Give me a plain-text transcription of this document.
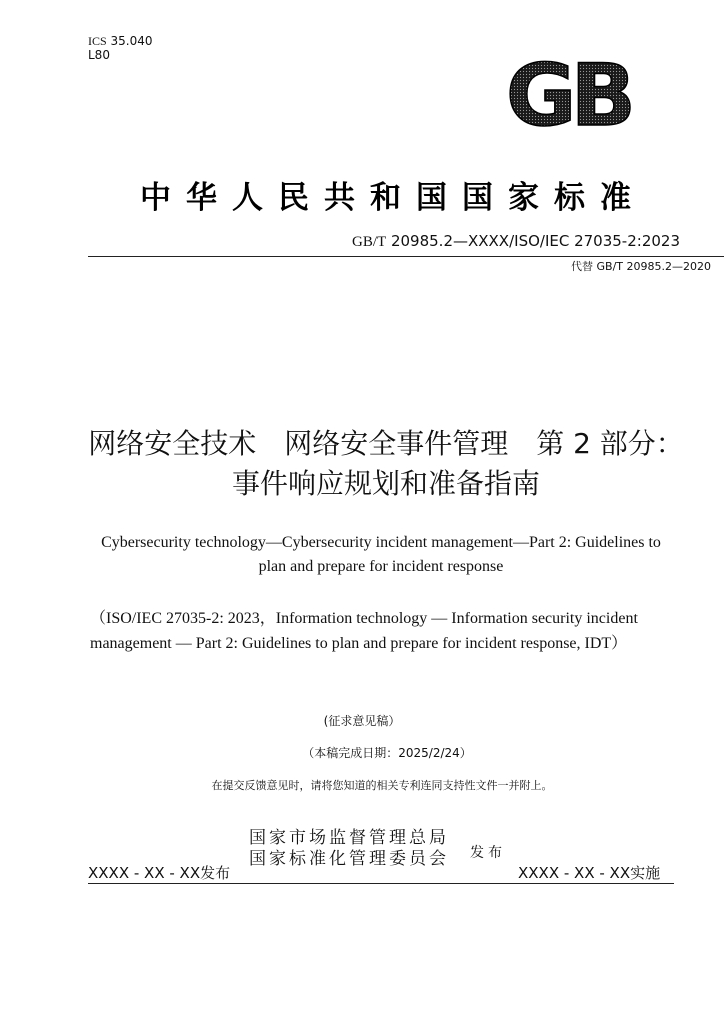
ICS 35.040
L80	GB
中华人民共和国国家标准
GB/T 20985.2—XXXX/ISO/IEC 27035-2:2023
代替 GB/T 20985.2—2020
网络安全技术　网络安全事件管理　第 2 部分：事件响应规划和准备指南
Cybersecurity technology—Cybersecurity incident management—Part 2: Guidelines to plan and prepare for incident response
（ISO/IEC 27035-2: 2023，Information technology — Information security incident management — Part 2: Guidelines to plan and prepare for incident response, IDT）
(征求意见稿）
（本稿完成日期：2025/2/24）
在提交反馈意见时，请将您知道的相关专利连同支持性文件一并附上。
国家市场监督管理总局
国家标准化管理委员会 发布
XXXX - XX - XX发布	XXXX - XX - XX实施
